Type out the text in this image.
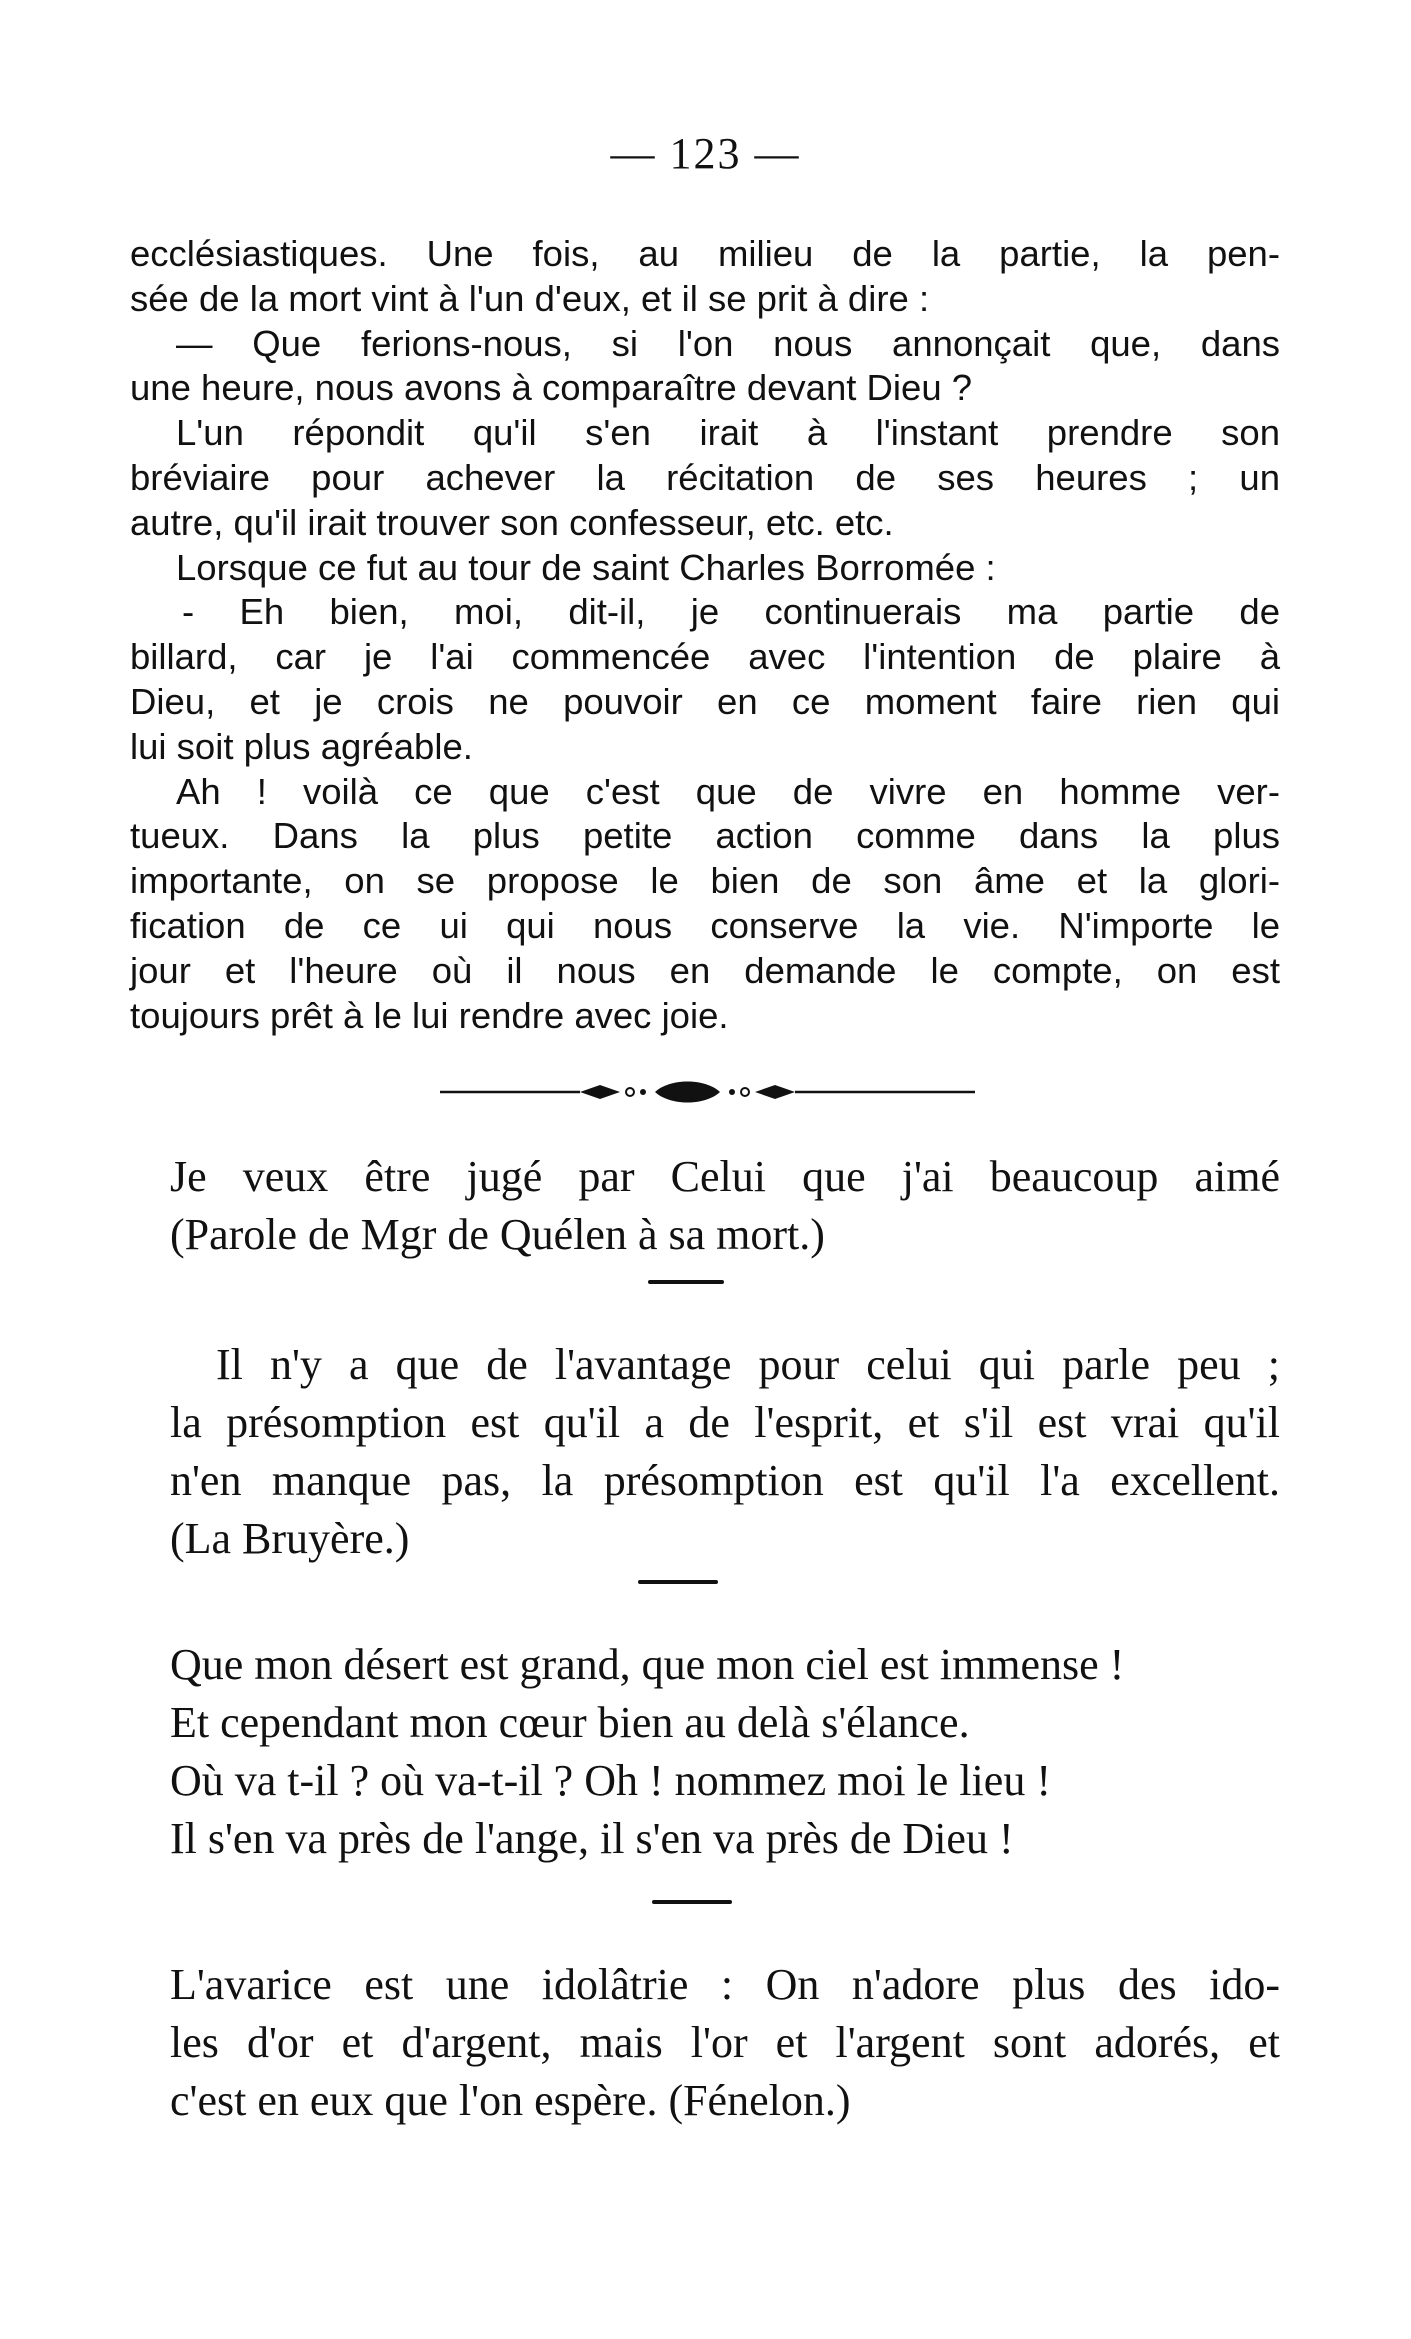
— 123 —
ecclésiastiques. Une fois, au milieu de la partie, la pen-
sée de la mort vint à l'un d'eux, et il se prit à dire :
— Que ferions-nous, si l'on nous annonçait que, dans
une heure, nous avons à comparaître devant Dieu ?
L'un répondit qu'il s'en irait à l'instant prendre son
bréviaire pour achever la récitation de ses heures ; un
autre, qu'il irait trouver son confesseur, etc. etc.
Lorsque ce fut au tour de saint Charles Borromée :
- Eh bien, moi, dit-il, je continuerais ma partie de
billard, car je l'ai commencée avec l'intention de plaire à
Dieu, et je crois ne pouvoir en ce moment faire rien qui
lui soit plus agréable.
Ah ! voilà ce que c'est que de vivre en homme ver-
tueux. Dans la plus petite action comme dans la plus
importante, on se propose le bien de son âme et la glori-
fication de ce ui qui nous conserve la vie. N'importe le
jour et l'heure où il nous en demande le compte, on est
toujours prêt à le lui rendre avec joie.
Je veux être jugé par Celui que j'ai beaucoup aimé
(Parole de Mgr de Quélen à sa mort.)
Il n'y a que de l'avantage pour celui qui parle peu ;
la présomption est qu'il a de l'esprit, et s'il est vrai qu'il
n'en manque pas, la présomption est qu'il l'a excellent.
(La Bruyère.)
Que mon désert est grand, que mon ciel est immense !
Et cependant mon cœur bien au delà s'élance.
Où va t-il ? où va-t-il ? Oh ! nommez moi le lieu !
Il s'en va près de l'ange, il s'en va près de Dieu !
L'avarice est une idolâtrie : On n'adore plus des ido-
les d'or et d'argent, mais l'or et l'argent sont adorés, et
c'est en eux que l'on espère. (Fénelon.)
